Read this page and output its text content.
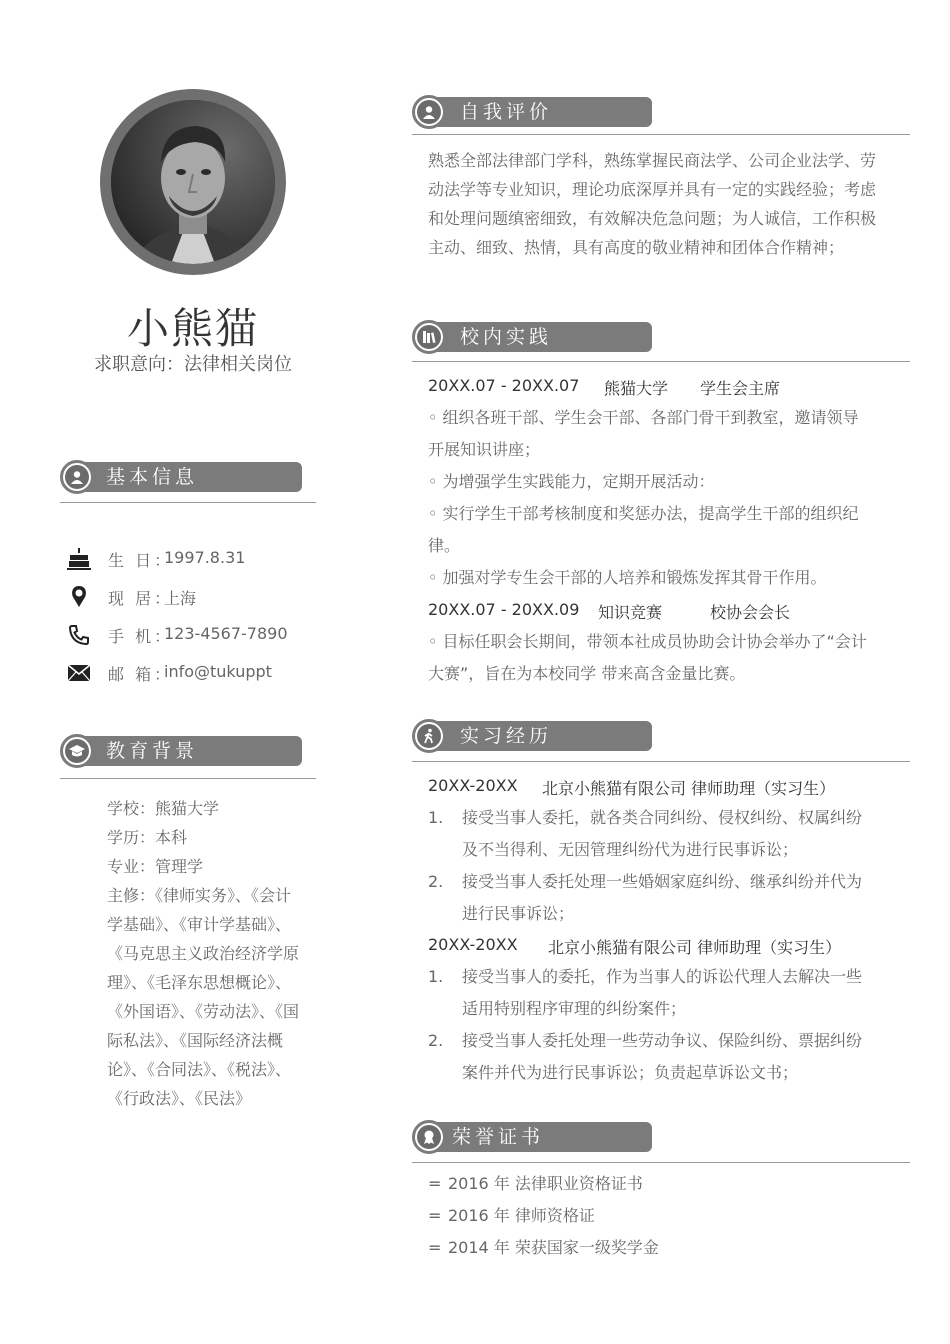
小熊猫
求职意向：法律相关岗位
基本信息
生 日：
1997.8.31
现 居：
上海
手 机：
123-4567-7890
邮 箱：
info@tukuppt
教育背景
学校：熊猫大学
学历：本科
专业：管理学
主修：《律师实务》、《会计学基础》、《审计学基础》、《马克思主义政治经济学原理》、《毛泽东思想概论》、《外国语》、《劳动法》、《国际私法》、《国际经济法概论》、《合同法》、《税法》、《行政法》、《民法》
自我评价
熟悉全部法律部门学科，熟练掌握民商法学、公司企业法学、劳动法学等专业知识，理论功底深厚并具有一定的实践经验；考虑和处理问题缜密细致，有效解决危急问题；为人诚信，工作积极主动、细致、热情，具有高度的敬业精神和团体合作精神；
校内实践
20XX.07 - 20XX.07 熊猫大学 学生会主席
◦ 组织各班干部、学生会干部、各部门骨干到教室，邀请领导开展知识讲座；
◦ 为增强学生实践能力，定期开展活动：
◦ 实行学生干部考核制度和奖惩办法，提高学生干部的组织纪律。
◦ 加强对学专生会干部的人培养和锻炼发挥其骨干作用。
20XX.07 - 20XX.09 知识竞赛	校协会会长
◦ 目标任职会长期间，带领本社成员协助会计协会举办了“会计大赛”，旨在为本校同学 带来高含金量比赛。
实习经历
20XX-20XX 北京小熊猫有限公司 律师助理（实习生）
1. 接受当事人委托，就各类合同纠纷、侵权纠纷、权属纠纷及不当得利、无因管理纠纷代为进行民事诉讼；
2. 接受当事人委托处理一些婚姻家庭纠纷、继承纠纷并代为进行民事诉讼；
20XX-20XX 北京小熊猫有限公司 律师助理（实习生）
1. 接受当事人的委托，作为当事人的诉讼代理人去解决一些适用特别程序审理的纠纷案件；
2. 接受当事人委托处理一些劳动争议、保险纠纷、票据纠纷案件并代为进行民事诉讼；负责起草诉讼文书；
荣誉证书
= 2016 年 法律职业资格证书
= 2016 年 律师资格证
= 2014 年 荣获国家一级奖学金
